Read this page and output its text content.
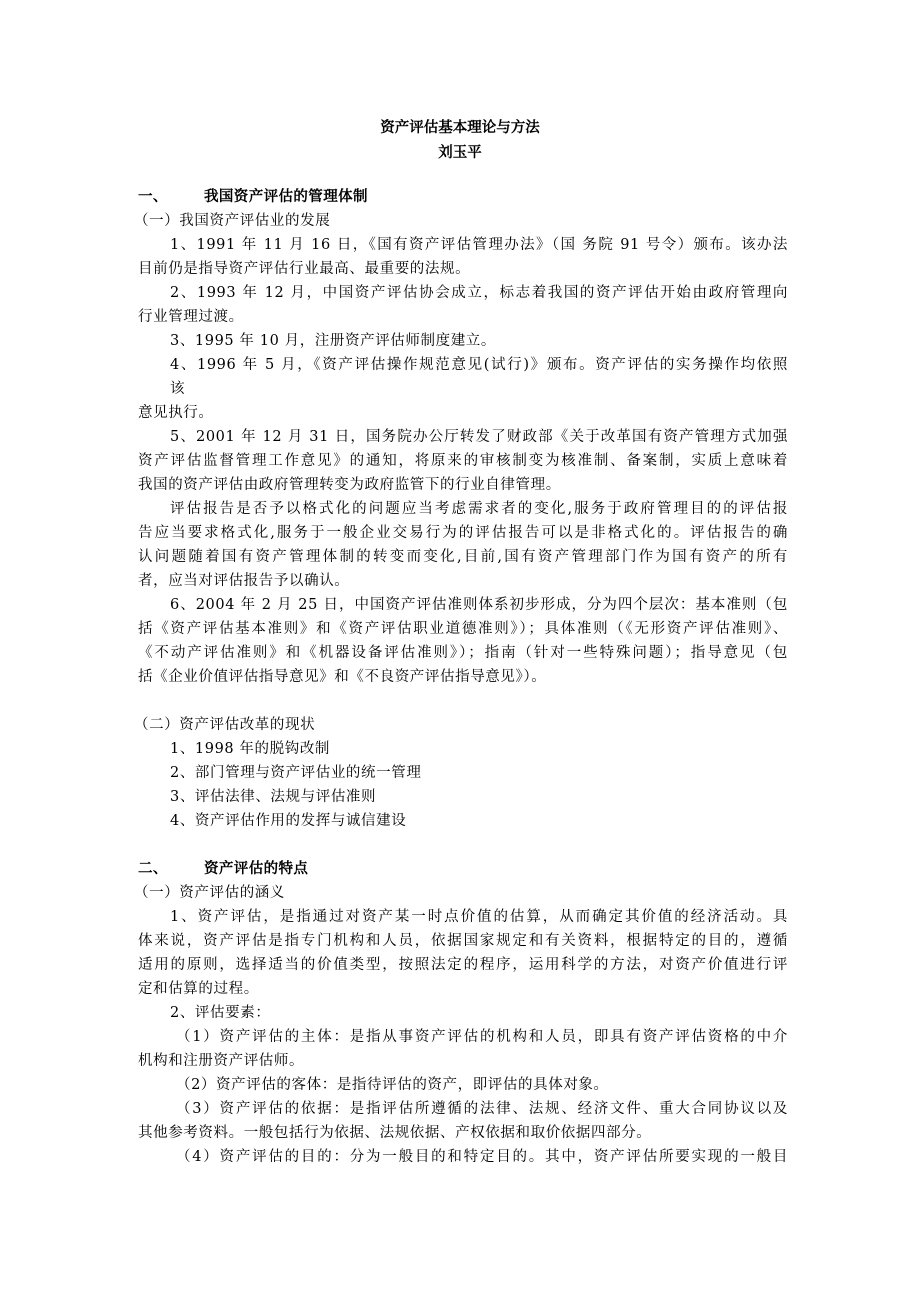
资产评估基本理论与方法
刘玉平
一、 我国资产评估的管理体制
（一）我国资产评估业的发展
1、1991 年 11 月 16 日，《国有资产评估管理办法》（国 务院 91 号令）颁布。该办法
目前仍是指导资产评估行业最高、最重要的法规。
2、1993 年 12 月，中国资产评估协会成立，标志着我国的资产评估开始由政府管理向
行业管理过渡。
3、1995 年 10 月，注册资产评估师制度建立。
4、1996 年 5 月，《资产评估操作规范意见(试行)》颁布。资产评估的实务操作均依照
该
意见执行。
5、2001 年 12 月 31 日，国务院办公厅转发了财政部《关于改革国有资产管理方式加强
资产评估监督管理工作意见》的通知，将原来的审核制变为核准制、备案制，实质上意味着
我国的资产评估由政府管理转变为政府监管下的行业自律管理。
评估报告是否予以格式化的问题应当考虑需求者的变化,服务于政府管理目的的评估报
告应当要求格式化,服务于一般企业交易行为的评估报告可以是非格式化的。评估报告的确
认问题随着国有资产管理体制的转变而变化,目前,国有资产管理部门作为国有资产的所有
者，应当对评估报告予以确认。
6、2004 年 2 月 25 日，中国资产评估准则体系初步形成，分为四个层次：基本准则（包
括《资产评估基本准则》和《资产评估职业道德准则》）；具体准则（《无形资产评估准则》、
《不动产评估准则》和《机器设备评估准则》）；指南（针对一些特殊问题）；指导意见（包
括《企业价值评估指导意见》和《不良资产评估指导意见》）。
（二）资产评估改革的现状
1、1998 年的脱钩改制
2、部门管理与资产评估业的统一管理
3、评估法律、法规与评估准则
4、资产评估作用的发挥与诚信建设
二、 资产评估的特点
（一）资产评估的涵义
1、资产评估，是指通过对资产某一时点价值的估算，从而确定其价值的经济活动。具
体来说，资产评估是指专门机构和人员，依据国家规定和有关资料，根据特定的目的，遵循
适用的原则，选择适当的价值类型，按照法定的程序，运用科学的方法，对资产价值进行评
定和估算的过程。
2、评估要素：
（1）资产评估的主体：是指从事资产评估的机构和人员，即具有资产评估资格的中介
机构和注册资产评估师。
（2）资产评估的客体：是指待评估的资产，即评估的具体对象。
（3）资产评估的依据：是指评估所遵循的法律、法规、经济文件、重大合同协议以及
其他参考资料。一般包括行为依据、法规依据、产权依据和取价依据四部分。
（4）资产评估的目的：分为一般目的和特定目的。其中，资产评估所要实现的一般目
